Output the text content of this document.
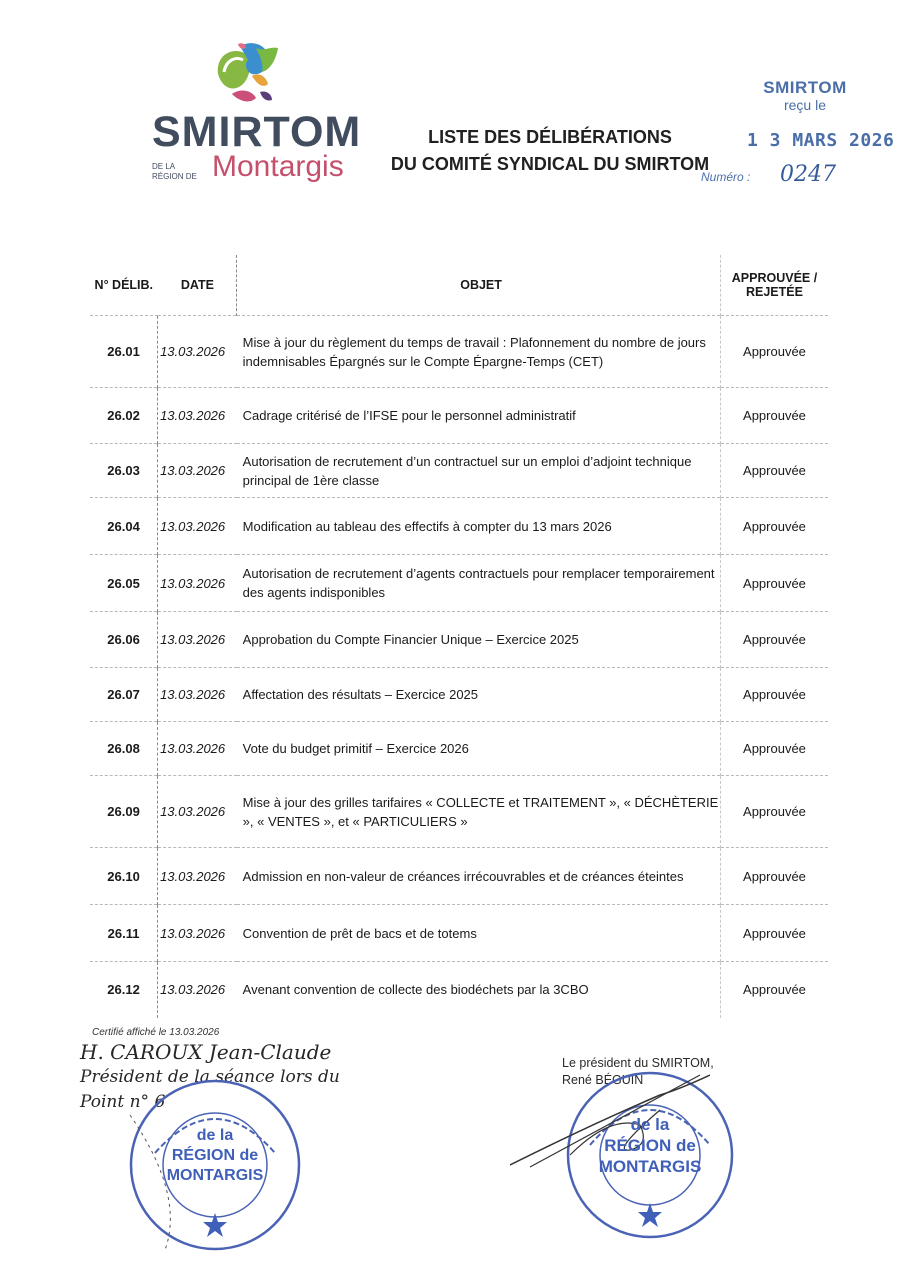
SMIRTOM
DE LA RÉGION DE Montargis
LISTE DES DÉLIBÉRATIONS
DU COMITÉ SYNDICAL DU SMIRTOM
SMIRTOM
reçu le
1 3 MARS 2026
Numéro : 0247
N° DÉLIB.	DATE	OBJET	APPROUVÉE / REJETÉE
26.01	13.03.2026	Mise à jour du règlement du temps de travail : Plafonnement du nombre de jours indemnisables Épargnés sur le Compte Épargne-Temps (CET)	Approuvée
26.02	13.03.2026	Cadrage critérisé de l’IFSE pour le personnel administratif	Approuvée
26.03	13.03.2026	Autorisation de recrutement d’un contractuel sur un emploi d’adjoint technique principal de 1ère classe	Approuvée
26.04	13.03.2026	Modification au tableau des effectifs à compter du 13 mars 2026	Approuvée
26.05	13.03.2026	Autorisation de recrutement d’agents contractuels pour remplacer temporairement des agents indisponibles	Approuvée
26.06	13.03.2026	Approbation du Compte Financier Unique – Exercice 2025	Approuvée
26.07	13.03.2026	Affectation des résultats – Exercice 2025	Approuvée
26.08	13.03.2026	Vote du budget primitif – Exercice 2026	Approuvée
26.09	13.03.2026	Mise à jour des grilles tarifaires « COLLECTE et TRAITEMENT », « DÉCHÈTERIE », « VENTES », et « PARTICULIERS »	Approuvée
26.10	13.03.2026	Admission en non-valeur de créances irrécouvrables et de créances éteintes	Approuvée
26.11	13.03.2026	Convention de prêt de bacs et de totems	Approuvée
26.12	13.03.2026	Avenant convention de collecte des biodéchets par la 3CBO	Approuvée
Certifié affiché le 13.03.2026
H. CAROUX Jean-Claude
Président de la séance lors du
Point n° 6
de la
RÉGION de
MONTARGIS
Le président du SMIRTOM,
René BÉGUIN
de la
RÉGION de
MONTARGIS
